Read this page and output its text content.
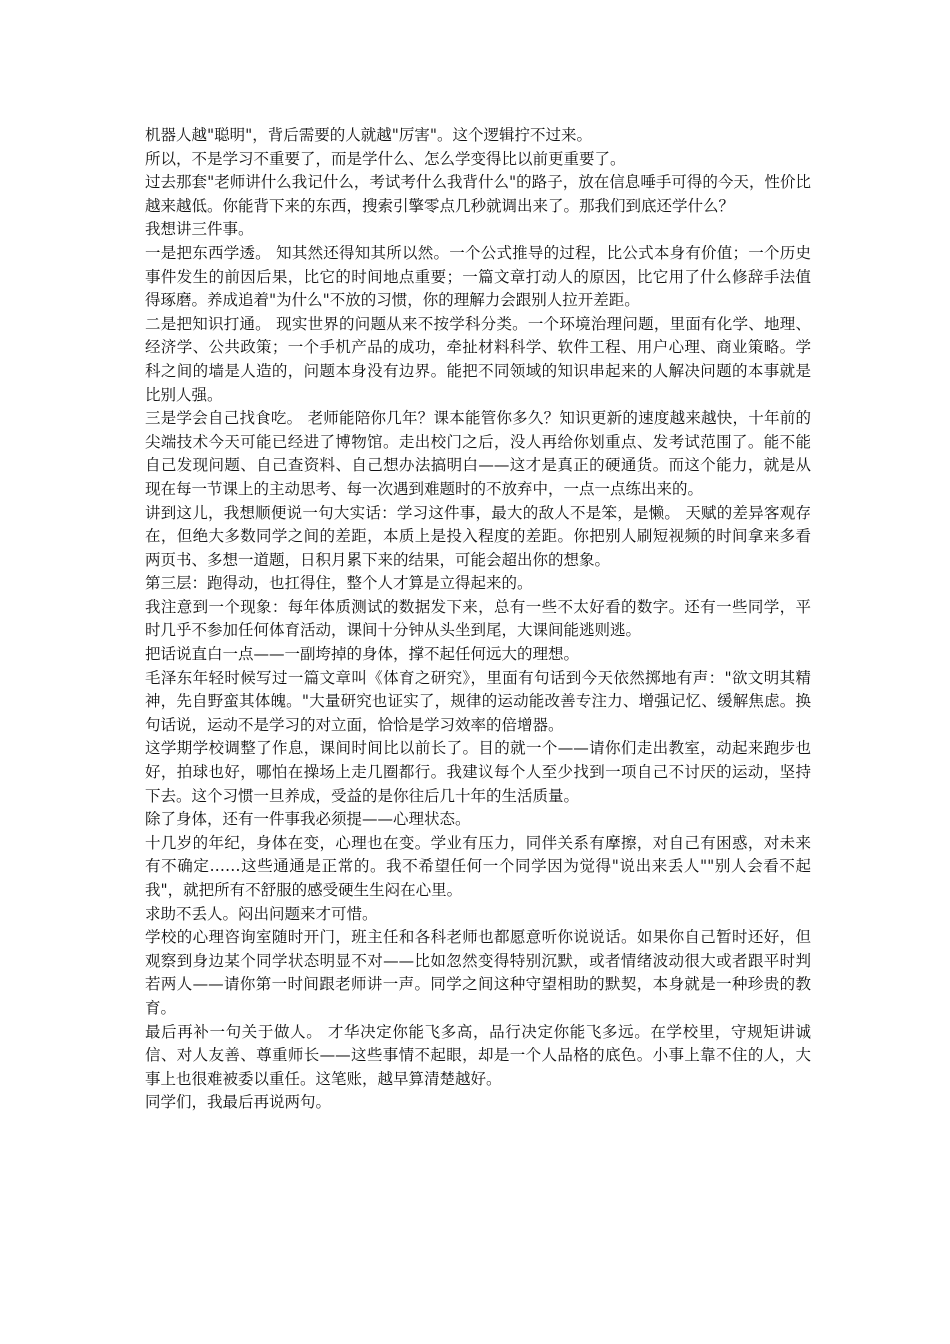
机器人越"聪明"，背后需要的人就越"厉害"。这个逻辑拧不过来。

所以，不是学习不重要了，而是学什么、怎么学变得比以前更重要了。

过去那套"老师讲什么我记什么，考试考什么我背什么"的路子，放在信息唾手可得的今天，性价比越来越低。你能背下来的东西，搜索引擎零点几秒就调出来了。那我们到底还学什么？

我想讲三件事。

一是把东西学透。 知其然还得知其所以然。一个公式推导的过程，比公式本身有价值；一个历史事件发生的前因后果，比它的时间地点重要；一篇文章打动人的原因，比它用了什么修辞手法值得琢磨。养成追着"为什么"不放的习惯，你的理解力会跟别人拉开差距。

二是把知识打通。 现实世界的问题从来不按学科分类。一个环境治理问题，里面有化学、地理、经济学、公共政策；一个手机产品的成功，牵扯材料科学、软件工程、用户心理、商业策略。学科之间的墙是人造的，问题本身没有边界。能把不同领域的知识串起来的人解决问题的本事就是比别人强。

三是学会自己找食吃。 老师能陪你几年？课本能管你多久？知识更新的速度越来越快，十年前的尖端技术今天可能已经进了博物馆。走出校门之后，没人再给你划重点、发考试范围了。能不能自己发现问题、自己查资料、自己想办法搞明白——这才是真正的硬通货。而这个能力，就是从现在每一节课上的主动思考、每一次遇到难题时的不放弃中，一点一点练出来的。

讲到这儿，我想顺便说一句大实话：学习这件事，最大的敌人不是笨，是懒。 天赋的差异客观存在，但绝大多数同学之间的差距，本质上是投入程度的差距。你把别人刷短视频的时间拿来多看两页书、多想一道题，日积月累下来的结果，可能会超出你的想象。

第三层：跑得动，也扛得住，整个人才算是立得起来的。

我注意到一个现象：每年体质测试的数据发下来，总有一些不太好看的数字。还有一些同学，平时几乎不参加任何体育活动，课间十分钟从头坐到尾，大课间能逃则逃。

把话说直白一点——一副垮掉的身体，撑不起任何远大的理想。

毛泽东年轻时候写过一篇文章叫《体育之研究》，里面有句话到今天依然掷地有声："欲文明其精神，先自野蛮其体魄。"大量研究也证实了，规律的运动能改善专注力、增强记忆、缓解焦虑。换句话说，运动不是学习的对立面，恰恰是学习效率的倍增器。

这学期学校调整了作息，课间时间比以前长了。目的就一个——请你们走出教室，动起来跑步也好，拍球也好，哪怕在操场上走几圈都行。我建议每个人至少找到一项自己不讨厌的运动，坚持下去。这个习惯一旦养成，受益的是你往后几十年的生活质量。

除了身体，还有一件事我必须提——心理状态。

十几岁的年纪，身体在变，心理也在变。学业有压力，同伴关系有摩擦，对自己有困惑，对未来有不确定……这些通通是正常的。我不希望任何一个同学因为觉得"说出来丢人""别人会看不起我"，就把所有不舒服的感受硬生生闷在心里。

求助不丢人。闷出问题来才可惜。

学校的心理咨询室随时开门，班主任和各科老师也都愿意听你说说话。如果你自己暂时还好，但观察到身边某个同学状态明显不对——比如忽然变得特别沉默，或者情绪波动很大或者跟平时判若两人——请你第一时间跟老师讲一声。同学之间这种守望相助的默契，本身就是一种珍贵的教育。

最后再补一句关于做人。 才华决定你能飞多高，品行决定你能飞多远。在学校里，守规矩讲诚信、对人友善、尊重师长——这些事情不起眼，却是一个人品格的底色。小事上靠不住的人，大事上也很难被委以重任。这笔账，越早算清楚越好。

同学们，我最后再说两句。
